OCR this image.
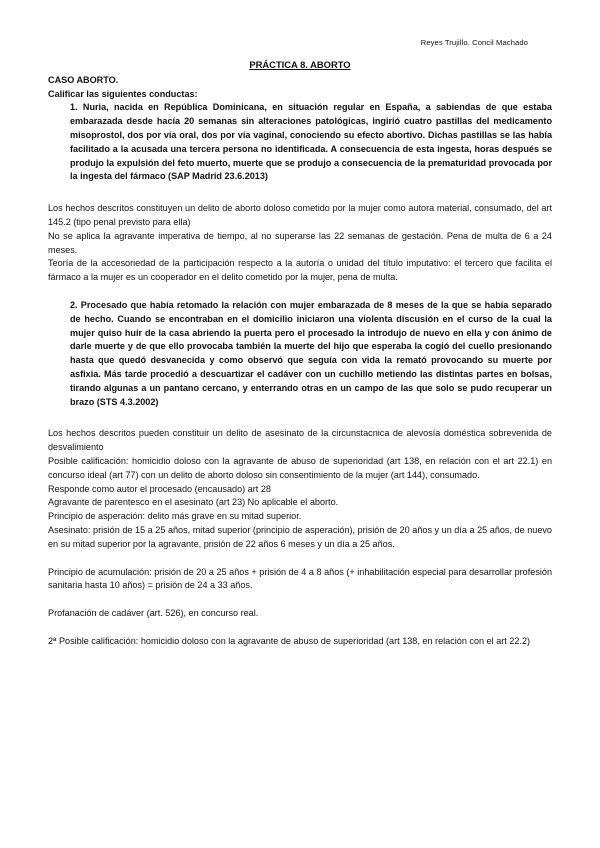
Reyes Trujillo. Concil Machado

PRÁCTICA 8. ABORTO

CASO ABORTO.

Calificar las siguientes conductas:

1. Nuria, nacida en República Dominicana, en situación regular en España, a sabiendas de que estaba embarazada desde hacía 20 semanas sin alteraciones patológicas, ingirió cuatro pastillas del medicamento misoprostol, dos por vía oral, dos por vía vaginal, conociendo su efecto abortivo. Dichas pastillas se las había facilitado a la acusada una tercera persona no identificada. A consecuencia de esta ingesta, horas después se produjo la expulsión del feto muerto, muerte que se produjo a consecuencia de la prematuridad provocada por la ingesta del fármaco (SAP Madrid 23.6.2013)

Los hechos descritos constituyen un delito de aborto doloso cometido por la mujer como autora material, consumado, del art 145.2 (tipo penal previsto para ella)

No se aplica la agravante imperativa de tiempo, al no superarse las 22 semanas de gestación. Pena de multa de 6 a 24 meses.

Teoría de la accesoriedad de la participación respecto a la autoría o unidad del título imputativo: el tercero que facilita el fármaco a la mujer es un cooperador en el delito cometido por la mujer, pena de multa.

2. Procesado que había retomado la relación con mujer embarazada de 8 meses de la que se había separado de hecho. Cuando se encontraban en el domicilio iniciaron una violenta discusión en el curso de la cual la mujer quiso huir de la casa abriendo la puerta pero el procesado la introdujo de nuevo en ella y con ánimo de darle muerte y de que ello provocaba también la muerte del hijo que esperaba la cogió del cuello presionando hasta que quedó desvanecida y como observó que seguía con vida la remató provocando su muerte por asfixia. Más tarde procedió a descuartizar el cadáver con un cuchillo metiendo las distintas partes en bolsas, tirando algunas a un pantano cercano, y enterrando otras en un campo de las que solo se pudo recuperar un brazo (STS 4.3.2002)

Los hechos descritos pueden constituir un delito de asesinato de la circunstacnica de alevosía doméstica sobrevenida de desvalimiento

Posible calificación: homicidio doloso con la agravante de abuso de superioridad (art 138, en relación con el art 22.1) en concurso ideal (art 77) con un delito de aborto doloso sin consentimiento de la mujer (art 144), consumado.

Responde como autor el procesado (encausado) art 28

Agravante de parentesco en el asesinato (art 23) No aplicable el aborto.

Principio de asperación: delito más grave en su mitad superior.

Asesinato: prisión de 15 a 25 años, mitad superior (principio de asperación), prisión de 20 años y un día a 25 años, de nuevo en su mitad superior por la agravante, prisión de 22 años 6 meses y un día a 25 años.

Principio de acumulación: prisión de 20 a 25 años + prisión de 4 a 8 años (+ inhabilitación especial para desarrollar profesión sanitaria hasta 10 años) = prisión de 24 a 33 años.

Profanación de cadáver (art. 526), en concurso real.

2ª Posible calificación: homicidio doloso con la agravante de abuso de superioridad (art 138, en relación con el art 22.2)
